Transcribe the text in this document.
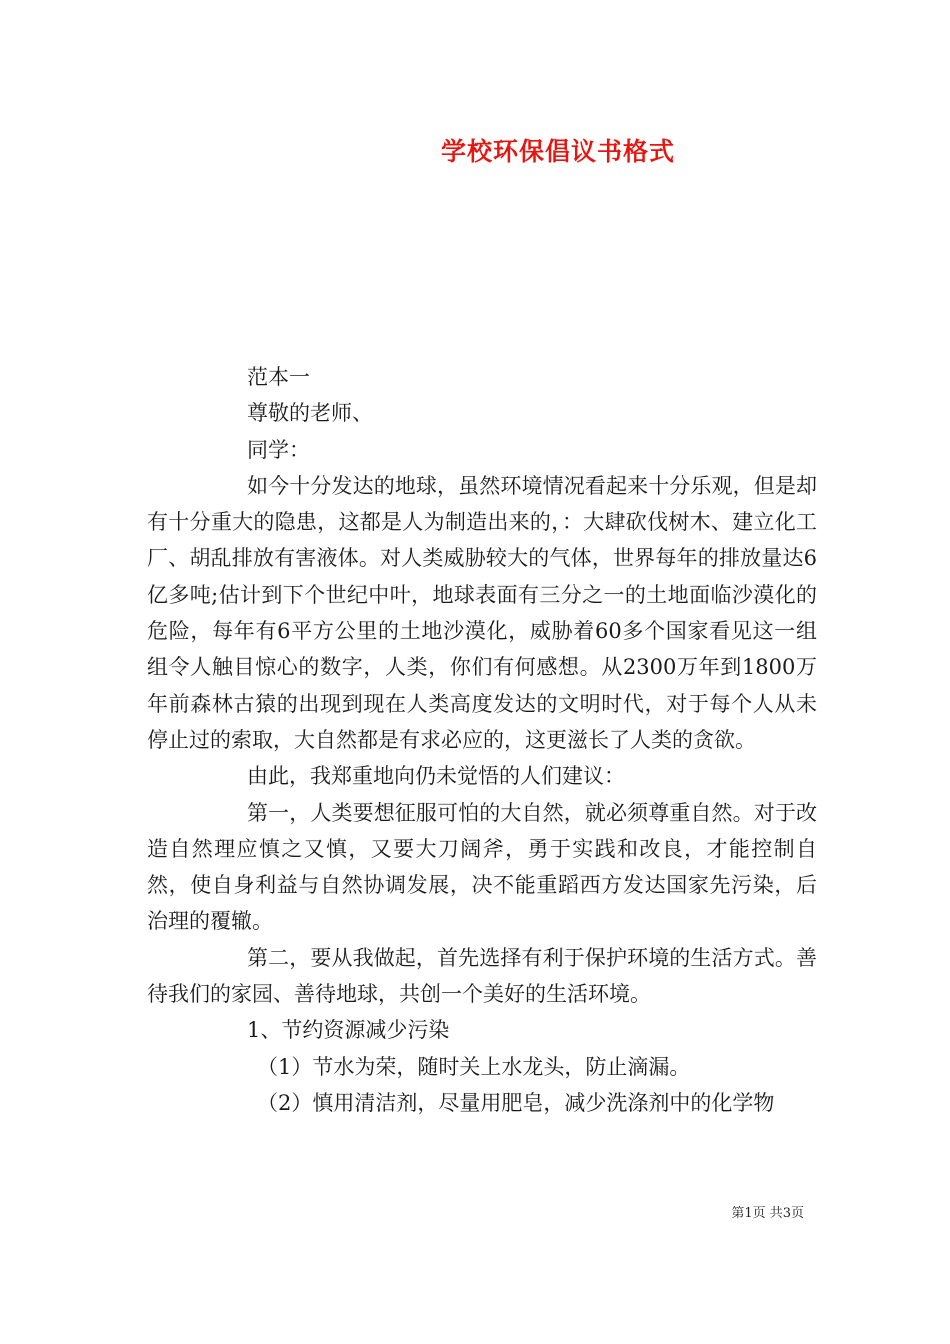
学校环保倡议书格式

范本一

尊敬的老师、

同学：

如今十分发达的地球，虽然环境情况看起来十分乐观，但是却有十分重大的隐患，这都是人为制造出来的，：大肆砍伐树木、建立化工厂、胡乱排放有害液体。对人类威胁较大的气体，世界每年的排放量达6亿多吨;估计到下个世纪中叶，地球表面有三分之一的土地面临沙漠化的危险，每年有6平方公里的土地沙漠化，威胁着60多个国家看见这一组组令人触目惊心的数字，人类，你们有何感想。从2300万年到1800万年前森林古猿的出现到现在人类高度发达的文明时代，对于每个人从未停止过的索取，大自然都是有求必应的，这更滋长了人类的贪欲。

由此，我郑重地向仍未觉悟的人们建议：

第一，人类要想征服可怕的大自然，就必须尊重自然。对于改造自然理应慎之又慎，又要大刀阔斧，勇于实践和改良，才能控制自然，使自身利益与自然协调发展，决不能重蹈西方发达国家先污染，后治理的覆辙。

第二，要从我做起，首先选择有利于保护环境的生活方式。善待我们的家园、善待地球，共创一个美好的生活环境。

1、节约资源减少污染

（1）节水为荣，随时关上水龙头，防止滴漏。

（2）慎用清洁剂，尽量用肥皂，减少洗涤剂中的化学物

第1页 共3页
